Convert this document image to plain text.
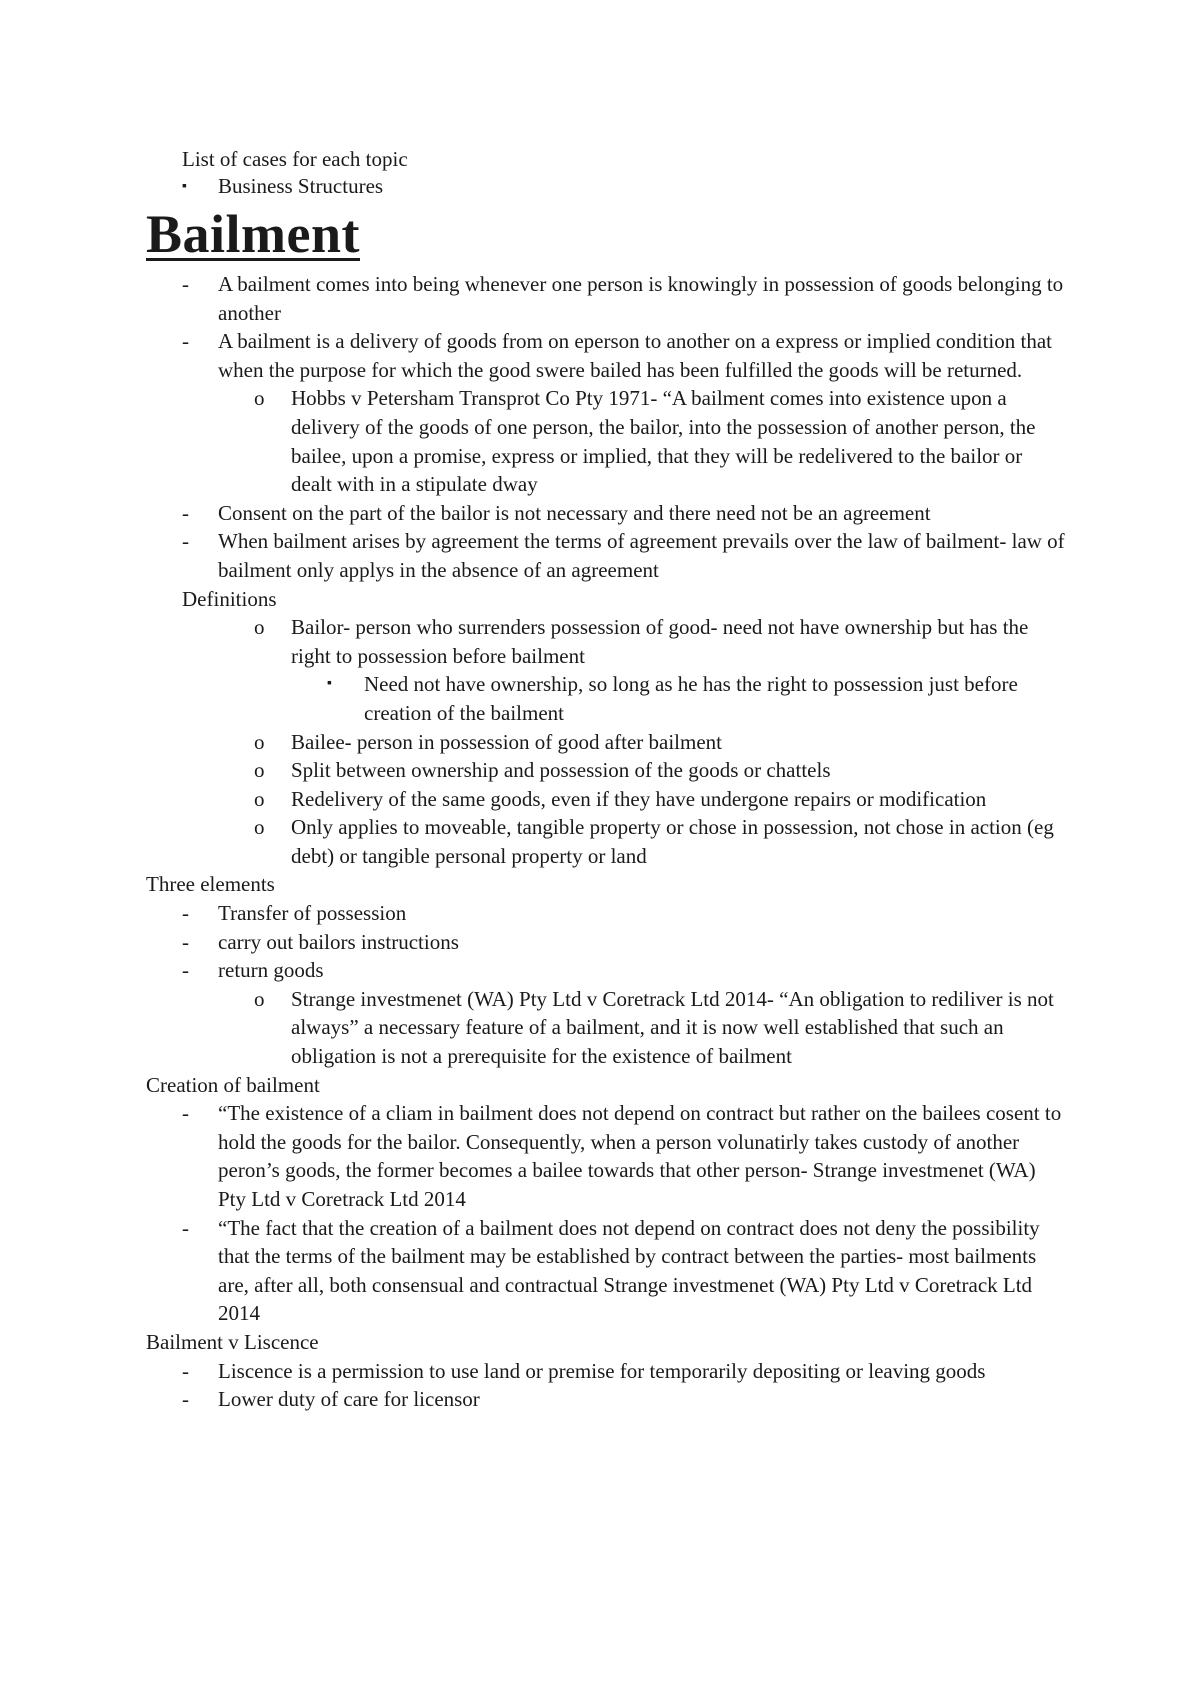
List of cases for each topic
▪ Business Structures
Bailment
- A bailment comes into being whenever one person is knowingly in possession of goods belonging to another
- A bailment is a delivery of goods from on eperson to another on a express or implied condition that when the purpose for which the good swere bailed has been fulfilled the goods will be returned.
o Hobbs v Petersham Transprot Co Pty 1971- “A bailment comes into existence upon a delivery of the goods of one person, the bailor, into the possession of another person, the bailee, upon a promise, express or implied, that they will be redelivered to the bailor or dealt with in a stipulate dway
- Consent on the part of the bailor is not necessary and there need not be an agreement
- When bailment arises by agreement the terms of agreement prevails over the law of bailment- law of bailment only applys in the absence of an agreement
Definitions
o Bailor- person who surrenders possession of good- need not have ownership but has the right to possession before bailment
▪ Need not have ownership, so long as he has the right to possession just before creation of the bailment
o Bailee- person in possession of good after bailment
o Split between ownership and possession of the goods or chattels
o Redelivery of the same goods, even if they have undergone repairs or modification
o Only applies to moveable, tangible property or chose in possession, not chose in action (eg debt) or tangible personal property or land
Three elements
- Transfer of possession
- carry out bailors instructions
- return goods
o Strange investmenet (WA) Pty Ltd v Coretrack Ltd 2014- “An obligation to rediliver is not always” a necessary feature of a bailment, and it is now well established that such an obligation is not a prerequisite for the existence of bailment
Creation of bailment
- “The existence of a cliam in bailment does not depend on contract but rather on the bailees cosent to hold the goods for the bailor. Consequently, when a person volunatirly takes custody of another peron’s goods, the former becomes a bailee towards that other person- Strange investmenet (WA) Pty Ltd v Coretrack Ltd 2014
- “The fact that the creation of a bailment does not depend on contract does not deny the possibility that the terms of the bailment may be established by contract between the parties- most bailments are, after all, both consensual and contractual Strange investmenet (WA) Pty Ltd v Coretrack Ltd 2014
Bailment v Liscence
- Liscence is a permission to use land or premise for temporarily depositing or leaving goods
- Lower duty of care for licensor
